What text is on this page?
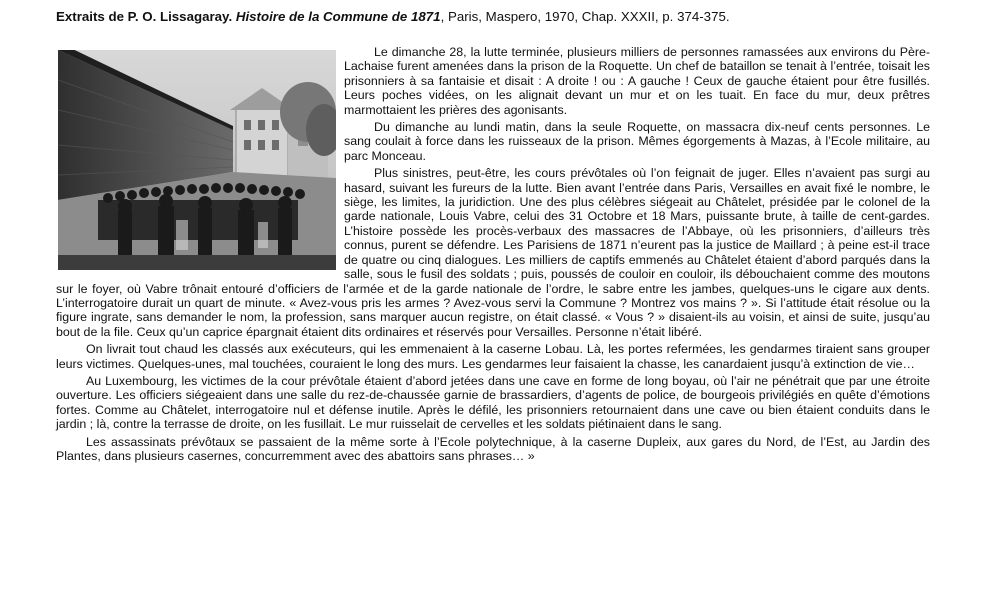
Extraits de P. O. Lissagaray. Histoire de la Commune de 1871, Paris, Maspero, 1970, Chap. XXXII, p. 374-375.

Le dimanche 28, la lutte terminée, plusieurs milliers de personnes ramassées aux environs du Père-Lachaise furent amenées dans la prison de la Roquette. Un chef de bataillon se tenait à l’entrée, toisait les prisonniers à sa fantaisie et disait : A droite ! ou : A gauche ! Ceux de gauche étaient pour être fusillés. Leurs poches vidées, on les alignait devant un mur et on les tuait. En face du mur, deux prêtres marmottaient les prières des agonisants.

Du dimanche au lundi matin, dans la seule Roquette, on massacra dix-neuf cents personnes. Le sang coulait à force dans les ruisseaux de la prison. Mêmes égorgements à Mazas, à l’Ecole militaire, au parc Monceau.

Plus sinistres, peut-être, les cours prévôtales où l’on feignait de juger. Elles n’avaient pas surgi au hasard, suivant les fureurs de la lutte. Bien avant l’entrée dans Paris, Versailles en avait fixé le nombre, le siège, les limites, la juridiction. Une des plus célèbres siégeait au Châtelet, présidée par le colonel de la garde nationale, Louis Vabre, celui des 31 Octobre et 18 Mars, puissante brute, à taille de cent-gardes. L’histoire possède les procès-verbaux des massacres de l’Abbaye, où les prisonniers, d’ailleurs très connus, purent se défendre. Les Parisiens de 1871 n’eurent pas la justice de Maillard ; à peine est-il trace de quatre ou cinq dialogues. Les milliers de captifs emmenés au Châtelet étaient d’abord parqués dans la salle, sous le fusil des soldats ; puis, poussés de couloir en couloir, ils débouchaient comme des moutons sur le foyer, où Vabre trônait entouré d’officiers de l’armée et de la garde nationale de l’ordre, le sabre entre les jambes, quelques-uns le cigare aux dents. L’interrogatoire durait un quart de minute. « Avez-vous pris les armes ? Avez-vous servi la Commune ? Montrez vos mains ? ». Si l’attitude était résolue ou la figure ingrate, sans demander le nom, la profession, sans marquer aucun registre, on était classé. « Vous ? » disaient-ils au voisin, et ainsi de suite, jusqu’au bout de la file. Ceux qu’un caprice épargnait étaient dits ordinaires et réservés pour Versailles. Personne n’était libéré.

On livrait tout chaud les classés aux exécuteurs, qui les emmenaient à la caserne Lobau. Là, les portes refermées, les gendarmes tiraient sans grouper leurs victimes. Quelques-unes, mal touchées, couraient le long des murs. Les gendarmes leur faisaient la chasse, les canardaient jusqu’à extinction de vie…

Au Luxembourg, les victimes de la cour prévôtale étaient d’abord jetées dans une cave en forme de long boyau, où l’air ne pénétrait que par une étroite ouverture. Les officiers siégeaient dans une salle du rez-de-chaussée garnie de brassardiers, d’agents de police, de bourgeois privilégiés en quête d’émotions fortes. Comme au Châtelet, interrogatoire nul et défense inutile. Après le défilé, les prisonniers retournaient dans une cave ou bien étaient conduits dans le jardin ; là, contre la terrasse de droite, on les fusillait. Le mur ruisselait de cervelles et les soldats piétinaient dans le sang.

Les assassinats prévôtaux se passaient de la même sorte à l’Ecole polytechnique, à la caserne Dupleix, aux gares du Nord, de l’Est, au Jardin des Plantes, dans plusieurs casernes, concurremment avec des abattoirs sans phrases… »
